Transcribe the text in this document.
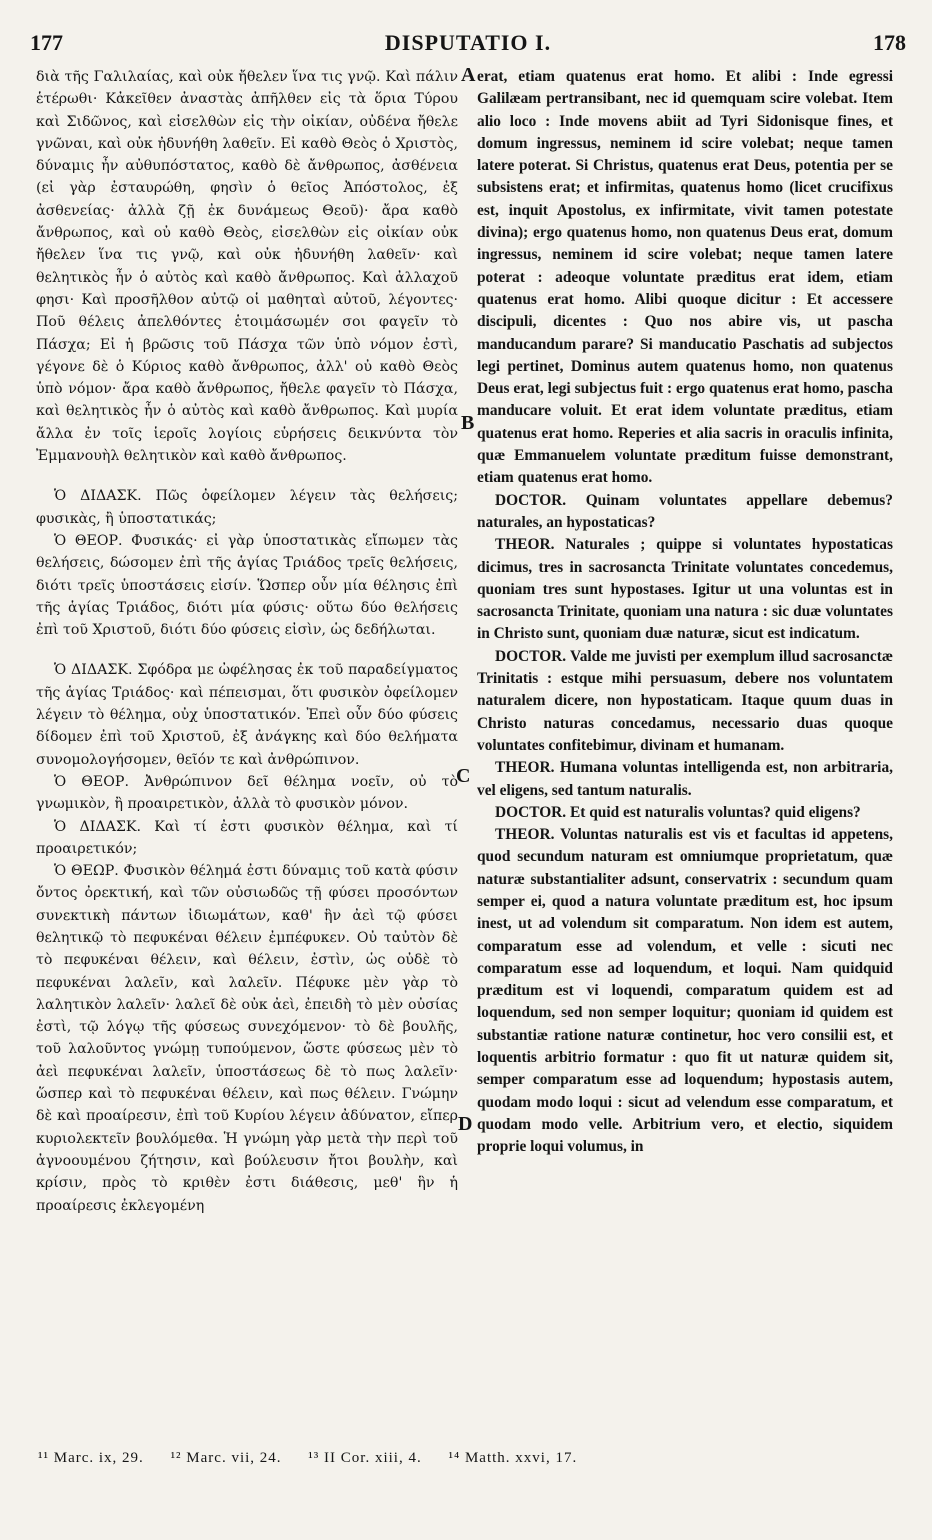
177	DISPUTATIO I.	178

διὰ τῆς Γαλιλαίας, καὶ οὐκ ἤθελεν ἵνα τις γνῷ. Καὶ πάλιν ἑτέρωθι· Κἀκεῖθεν ἀναστὰς ἀπῆλθεν εἰς τὰ ὅρια Τύρου καὶ Σιδῶνος, καὶ εἰσελθὼν εἰς τὴν οἰκίαν, οὐδένα ἤθελε γνῶναι, καὶ οὐκ ἠδυνήθη λαθεῖν. Εἰ καθὸ Θεὸς ὁ Χριστὸς, δύναμις ἦν αὐθυπόστατος, καθὸ δὲ ἄνθρωπος, ἀσθένεια (εἰ γὰρ ἐσταυρώθη, φησὶν ὁ θεῖος Ἀπόστολος, ἐξ ἀσθενείας· ἀλλὰ ζῇ ἐκ δυνάμεως Θεοῦ)· ἄρα καθὸ ἄνθρωπος, καὶ οὐ καθὸ Θεὸς, εἰσελθὼν εἰς οἰκίαν οὐκ ἤθελεν ἵνα τις γνῷ, καὶ οὐκ ἠδυνήθη λαθεῖν· καὶ θελητικὸς ἦν ὁ αὐτὸς καὶ καθὸ ἄνθρωπος. Καὶ ἀλλαχοῦ φησι· Καὶ προσῆλθον αὐτῷ οἱ μαθηταὶ αὐτοῦ, λέγοντες· Ποῦ θέλεις ἀπελθόντες ἑτοιμάσωμέν σοι φαγεῖν τὸ Πάσχα; Εἰ ἡ βρῶσις τοῦ Πάσχα τῶν ὑπὸ νόμον ἐστὶ, γέγονε δὲ ὁ Κύριος καθὸ ἄνθρωπος, ἀλλ' οὐ καθὸ Θεὸς ὑπὸ νόμον· ἄρα καθὸ ἄνθρωπος, ἤθελε φαγεῖν τὸ Πάσχα, καὶ θελητικὸς ἦν ὁ αὐτὸς καὶ καθὸ ἄνθρωπος. Καὶ μυρία ἄλλα ἐν τοῖς ἱεροῖς λογίοις εὑρήσεις δεικνύντα τὸν Ἐμμανουὴλ θελητικὸν καὶ καθὸ ἄνθρωπος.

Ὁ ΔΙΔΑΣΚ. Πῶς ὀφείλομεν λέγειν τὰς θελήσεις; φυσικὰς, ἢ ὑποστατικάς;

Ὁ ΘΕΟΡ. Φυσικάς· εἰ γὰρ ὑποστατικὰς εἴπωμεν τὰς θελήσεις, δώσομεν ἐπὶ τῆς ἁγίας Τριάδος τρεῖς θελήσεις, διότι τρεῖς ὑποστάσεις εἰσίν. Ὥσπερ οὖν μία θέλησις ἐπὶ τῆς ἁγίας Τριάδος, διότι μία φύσις· οὕτω δύο θελήσεις ἐπὶ τοῦ Χριστοῦ, διότι δύο φύσεις εἰσὶν, ὡς δεδήλωται.

Ὁ ΔΙΔΑΣΚ. Σφόδρα με ὠφέλησας ἐκ τοῦ παραδείγματος τῆς ἁγίας Τριάδος· καὶ πέπεισμαι, ὅτι φυσικὸν ὀφείλομεν λέγειν τὸ θέλημα, οὐχ ὑποστατικόν. Ἐπεὶ οὖν δύο φύσεις δίδομεν ἐπὶ τοῦ Χριστοῦ, ἐξ ἀνάγκης καὶ δύο θελήματα συνομολογήσομεν, θεῖόν τε καὶ ἀνθρώπινον.

Ὁ ΘΕΟΡ. Ἀνθρώπινον δεῖ θέλημα νοεῖν, οὐ τὸ γνωμικὸν, ἢ προαιρετικὸν, ἀλλὰ τὸ φυσικὸν μόνον.

Ὁ ΔΙΔΑΣΚ. Καὶ τί ἐστι φυσικὸν θέλημα, καὶ τί προαιρετικόν;

Ὁ ΘΕΩΡ. Φυσικὸν θέλημά ἐστι δύναμις τοῦ κατὰ φύσιν ὄντος ὀρεκτική, καὶ τῶν οὐσιωδῶς τῇ φύσει προσόντων συνεκτικὴ πάντων ἰδιωμάτων, καθ' ἣν ἀεὶ τῷ φύσει θελητικῷ τὸ πεφυκέναι θέλειν ἐμπέφυκεν. Οὐ ταὐτὸν δὲ τὸ πεφυκέναι θέλειν, καὶ θέλειν, ἐστὶν, ὡς οὐδὲ τὸ πεφυκέναι λαλεῖν, καὶ λαλεῖν. Πέφυκε μὲν γὰρ τὸ λαλητικὸν λαλεῖν· λαλεῖ δὲ οὐκ ἀεὶ, ἐπειδὴ τὸ μὲν οὐσίας ἐστὶ, τῷ λόγῳ τῆς φύσεως συνεχόμενον· τὸ δὲ βουλῆς, τοῦ λαλοῦντος γνώμῃ τυπούμενον, ὥστε φύσεως μὲν τὸ ἀεὶ πεφυκέναι λαλεῖν, ὑποστάσεως δὲ τὸ πως λαλεῖν· ὥσπερ καὶ τὸ πεφυκέναι θέλειν, καὶ πως θέλειν. Γνώμην δὲ καὶ προαίρεσιν, ἐπὶ τοῦ Κυρίου λέγειν ἀδύνατον, εἴπερ κυριολεκτεῖν βουλόμεθα. Ἡ γνώμη γὰρ μετὰ τὴν περὶ τοῦ ἀγνοουμένου ζήτησιν, καὶ βούλευσιν ἤτοι βουλὴν, καὶ κρίσιν, πρὸς τὸ κριθὲν ἐστι διάθεσις, μεθ' ἣν ἡ προαίρεσις ἐκλεγομένη

erat, etiam quatenus erat homo. Et alibi : Inde egressi Galilæam pertransibant, nec id quemquam scire volebat. Item alio loco : Inde movens abiit ad Tyri Sidonisque fines, et domum ingressus, neminem id scire volebat; neque tamen latere poterat. Si Christus, quatenus erat Deus, potentia per se subsistens erat; et infirmitas, quatenus homo (licet crucifixus est, inquit Apostolus, ex infirmitate, vivit tamen potestate divina); ergo quatenus homo, non quatenus Deus erat, domum ingressus, neminem id scire volebat; neque tamen latere poterat : adeoque voluntate præditus erat idem, etiam quatenus erat homo. Alibi quoque dicitur : Et accessere discipuli, dicentes : Quo nos abire vis, ut pascha manducandum parare? Si manducatio Paschatis ad subjectos legi pertinet, Dominus autem quatenus homo, non quatenus Deus erat, legi subjectus fuit : ergo quatenus erat homo, pascha manducare voluit. Et erat idem voluntate præditus, etiam quatenus erat homo. Reperies et alia sacris in oraculis infinita, quæ Emmanuelem voluntate præditum fuisse demonstrant, etiam quatenus erat homo.

DOCTOR. Quinam voluntates appellare debemus? naturales, an hypostaticas?

THEOR. Naturales ; quippe si voluntates hypostaticas dicimus, tres in sacrosancta Trinitate voluntates concedemus, quoniam tres sunt hypostases. Igitur ut una voluntas est in sacrosancta Trinitate, quoniam una natura : sic duæ voluntates in Christo sunt, quoniam duæ naturæ, sicut est indicatum.

DOCTOR. Valde me juvisti per exemplum illud sacrosanctæ Trinitatis : estque mihi persuasum, debere nos voluntatem naturalem dicere, non hypostaticam. Itaque quum duas in Christo naturas concedamus, necessario duas quoque voluntates confitebimur, divinam et humanam.

THEOR. Humana voluntas intelligenda est, non arbitraria, vel eligens, sed tantum naturalis.

DOCTOR. Et quid est naturalis voluntas? quid eligens?

THEOR. Voluntas naturalis est vis et facultas id appetens, quod secundum naturam est omniumque proprietatum, quæ naturæ substantialiter adsunt, conservatrix : secundum quam semper ei, quod a natura voluntate præditum est, hoc ipsum inest, ut ad volendum sit comparatum. Non idem est autem, comparatum esse ad volendum, et velle : sicuti nec comparatum esse ad loquendum, et loqui. Nam quidquid præditum est vi loquendi, comparatum quidem est ad loquendum, sed non semper loquitur; quoniam id quidem est substantiæ ratione naturæ continetur, hoc vero consilii est, et loquentis arbitrio formatur : quo fit ut naturæ quidem sit, semper comparatum esse ad loquendum; hypostasis autem, quodam modo loqui : sicut ad velendum esse comparatum, et quodam modo velle. Arbitrium vero, et electio, siquidem proprie loqui volumus, in

A
B
C
D
¹¹ Marc. ix, 29. ¹² Marc. vii, 24. ¹³ II Cor. xiii, 4. ¹⁴ Matth. xxvi, 17.
